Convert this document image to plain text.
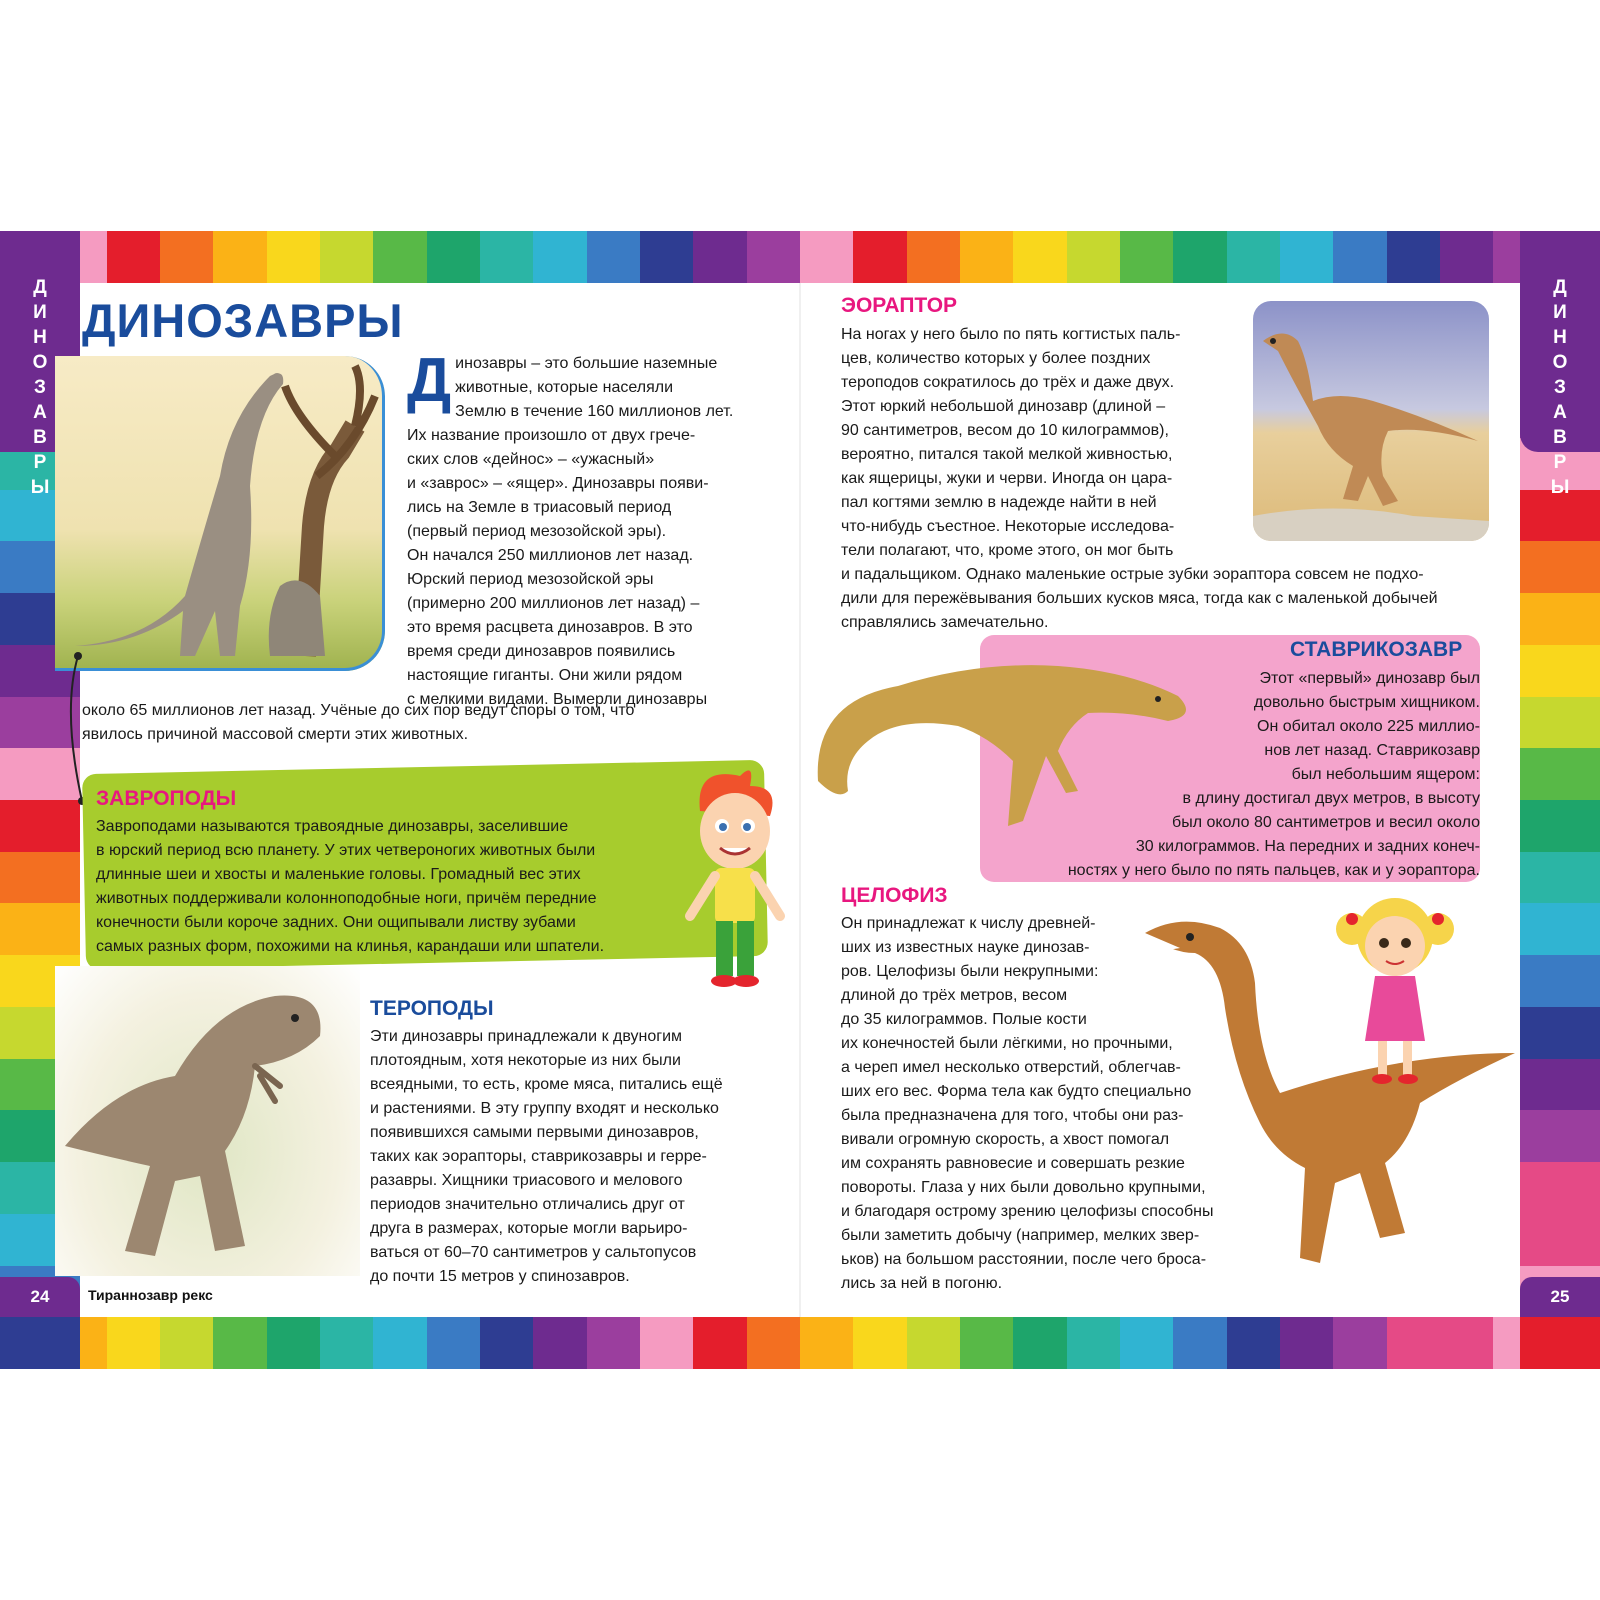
Д
И
Н
О
З
А
В
Р
Ы
Д
И
Н
О
З
А
В
Р
Ы
24	25
ДИНОЗАВРЫ
Д инозавры – это большие наземные
животные, которые населяли
Землю в течение 160 миллионов лет.
Их название произошло от двух грече-
ских слов «дейнос» – «ужасный»
и «заврос» – «ящер». Динозавры появи-
лись на Земле в триасовый период
(первый период мезозойской эры).
Он начался 250 миллионов лет назад.
Юрский период мезозойской эры
(примерно 200 миллионов лет назад) –
это время расцвета динозавров. В это
время среди динозавров появились
настоящие гиганты. Они жили рядом
с мелкими видами. Вымерли динозавры
около 65 миллионов лет назад. Учёные до сих пор ведут споры о том, что
явилось причиной массовой смерти этих животных.
ЗАВРОПОДЫ
Завроподами называются травоядные динозавры, заселившие
в юрский период всю планету. У этих четвероногих животных были
длинные шеи и хвосты и маленькие головы. Громадный вес этих
животных поддерживали колонноподобные ноги, причём передние
конечности были короче задних. Они ощипывали листву зубами
самых разных форм, похожими на клинья, карандаши или шпатели.
Тираннозавр рекс
ТЕРОПОДЫ
Эти динозавры принадлежали к двуногим
плотоядным, хотя некоторые из них были
всеядными, то есть, кроме мяса, питались ещё
и растениями. В эту группу входят и несколько
появившихся самыми первыми динозавров,
таких как эорапторы, ставрикозавры и герре-
разавры. Хищники триасового и мелового
периодов значительно отличались друг от
друга в размерах, которые могли варьиро-
ваться от 60–70 сантиметров у сальтопусов
до почти 15 метров у спинозавров.
ЭОРАПТОР
На ногах у него было по пять когтистых паль-
цев, количество которых у более поздних
тероподов сократилось до трёх и даже двух.
Этот юркий небольшой динозавр (длиной –
90 сантиметров, весом до 10 килограммов),
вероятно, питался такой мелкой живностью,
как ящерицы, жуки и черви. Иногда он цара-
пал когтями землю в надежде найти в ней
что-нибудь съестное. Некоторые исследова-
тели полагают, что, кроме этого, он мог быть
и падальщиком. Однако маленькие острые зубки эораптора совсем не подхо-
дили для пережёвывания больших кусков мяса, тогда как с маленькой добычей
справлялись замечательно.
СТАВРИКОЗАВР
Этот «первый» динозавр был
довольно быстрым хищником.
Он обитал около 225 миллио-
нов лет назад. Ставрикозавр
был небольшим ящером:
в длину достигал двух метров, в высоту
был около 80 сантиметров и весил около
30 килограммов. На передних и задних конеч-
ностях у него было по пять пальцев, как и у эораптора.
ЦЕЛОФИЗ
Он принадлежат к числу древней-
ших из известных науке динозав-
ров. Целофизы были некрупными:
длиной до трёх метров, весом
до 35 килограммов. Полые кости
их конечностей были лёгкими, но прочными,
а череп имел несколько отверстий, облегчав-
ших его вес. Форма тела как будто специально
была предназначена для того, чтобы они раз-
вивали огромную скорость, а хвост помогал
им сохранять равновесие и совершать резкие
повороты. Глаза у них были довольно крупными,
и благодаря острому зрению целофизы способны
были заметить добычу (например, мелких звер-
ьков) на большом расстоянии, после чего броса-
лись за ней в погоню.
